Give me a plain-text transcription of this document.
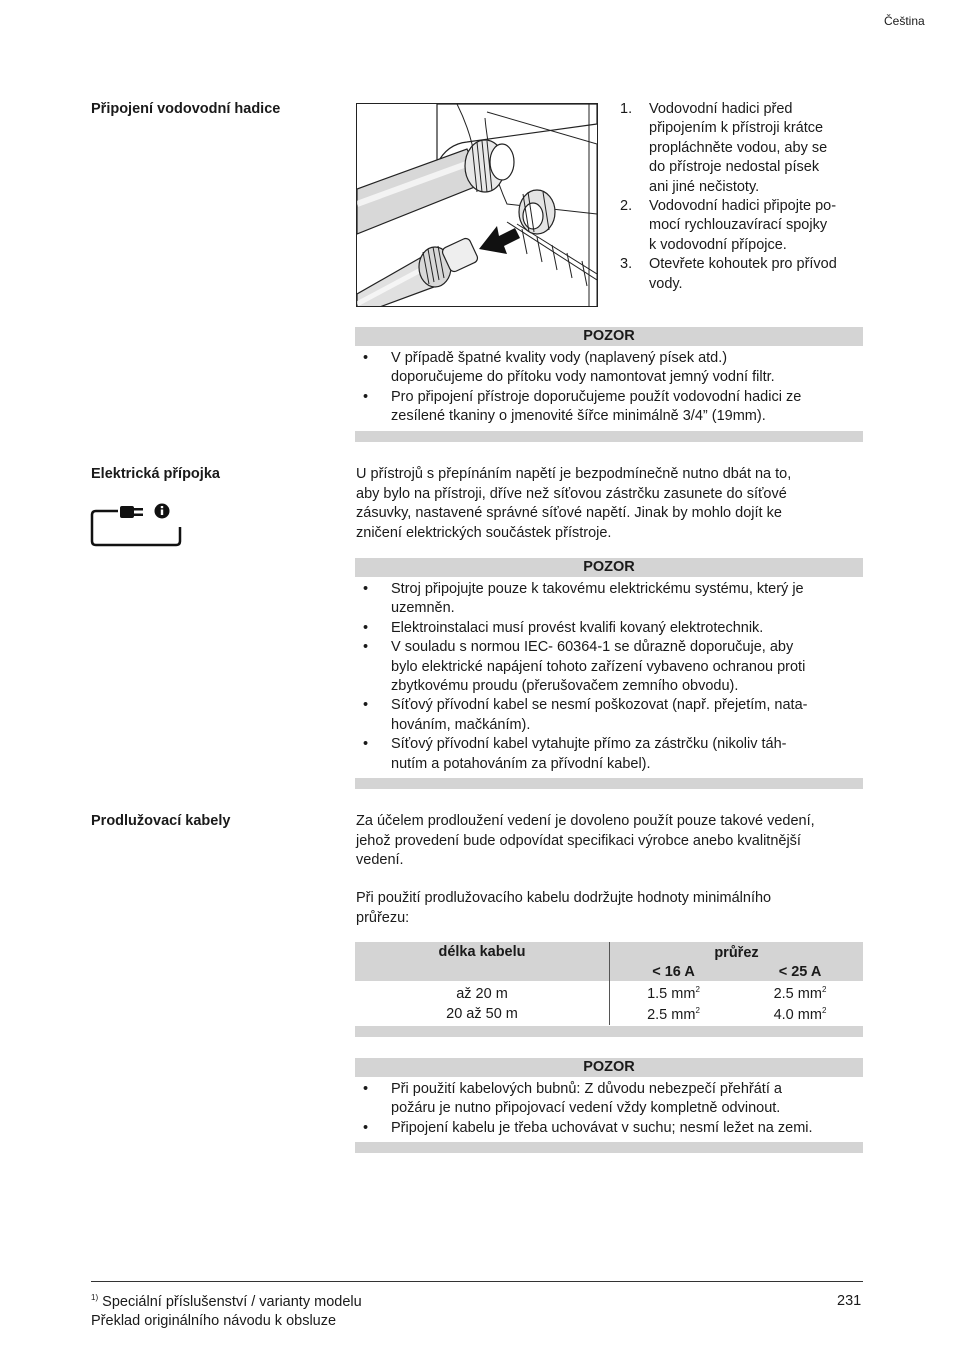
Čeština
Připojení vodovodní hadice	1.	Vodovodní hadici před
připojením k přístroji krátce
propláchněte vodou, aby se
do přístroje nedostal písek
ani jiné nečistoty.
2.	Vodovodní hadici připojte po-
mocí rychlouzavírací spojky
k vodovodní přípojce.
3.	Otevřete kohoutek pro přívod
vody.
POZOR
•	V případě špatné kvality vody (naplavený písek atd.)
doporučujeme do přítoku vody namontovat jemný vodní filtr.
•	Pro připojení přístroje doporučujeme použít vodovodní hadici ze
zesílené tkaniny o jmenovité šířce minimálně 3/4” (19mm).
Elektrická přípojka	U přístrojů s přepínáním napětí je bezpodmínečně nutno dbát na to,
aby bylo na přístroji, dříve než síťovou zástrčku zasunete do síťové
zásuvky, nastavené správné síťové napětí. Jinak by mohlo dojít ke
zničení elektrických součástek přístroje.
POZOR
•	Stroj připojujte pouze k takovému elektrickému systému, který je
uzemněn.
•	Elektroinstalaci musí provést kvalifi kovaný elektrotechnik.
•	V souladu s normou IEC- 60364-1 se důrazně doporučuje, aby
bylo elektrické napájení tohoto zařízení vybaveno ochranou proti
zbytkovému proudu (přerušovačem zemního obvodu).
•	Síťový přívodní kabel se nesmí poškozovat (např. přejetím, nata-
hováním, mačkáním).
•	Síťový přívodní kabel vytahujte přímo za zástrčku (nikoliv táh-
nutím a potahováním za přívodní kabel).
Prodlužovací kabely	Za účelem prodloužení vedení je dovoleno použít pouze takové vedení,
jehož provedení bude odpovídat specifikaci výrobce anebo kvalitnější
vedení.
Při použití prodlužovacího kabelu dodržujte hodnoty minimálního
průřezu:
délka kabelu	průřez	
	< 16 A	< 25 A
až 20 m	1.5 $mm^2$	2.5 $mm^2$
20 až 50 m	2.5 $mm^2$	4.0 $mm^2$
POZOR
•	Při použití kabelových bubnů: Z důvodu nebezpečí přehřátí a
požáru je nutno připojovací vedení vždy kompletně odvinout.
•	Připojení kabelu je třeba uchovávat v suchu; nesmí ležet na zemi.
$^{1)}$ Speciální příslušenství / varianty modelu
Překlad originálního návodu k obsluze
231
